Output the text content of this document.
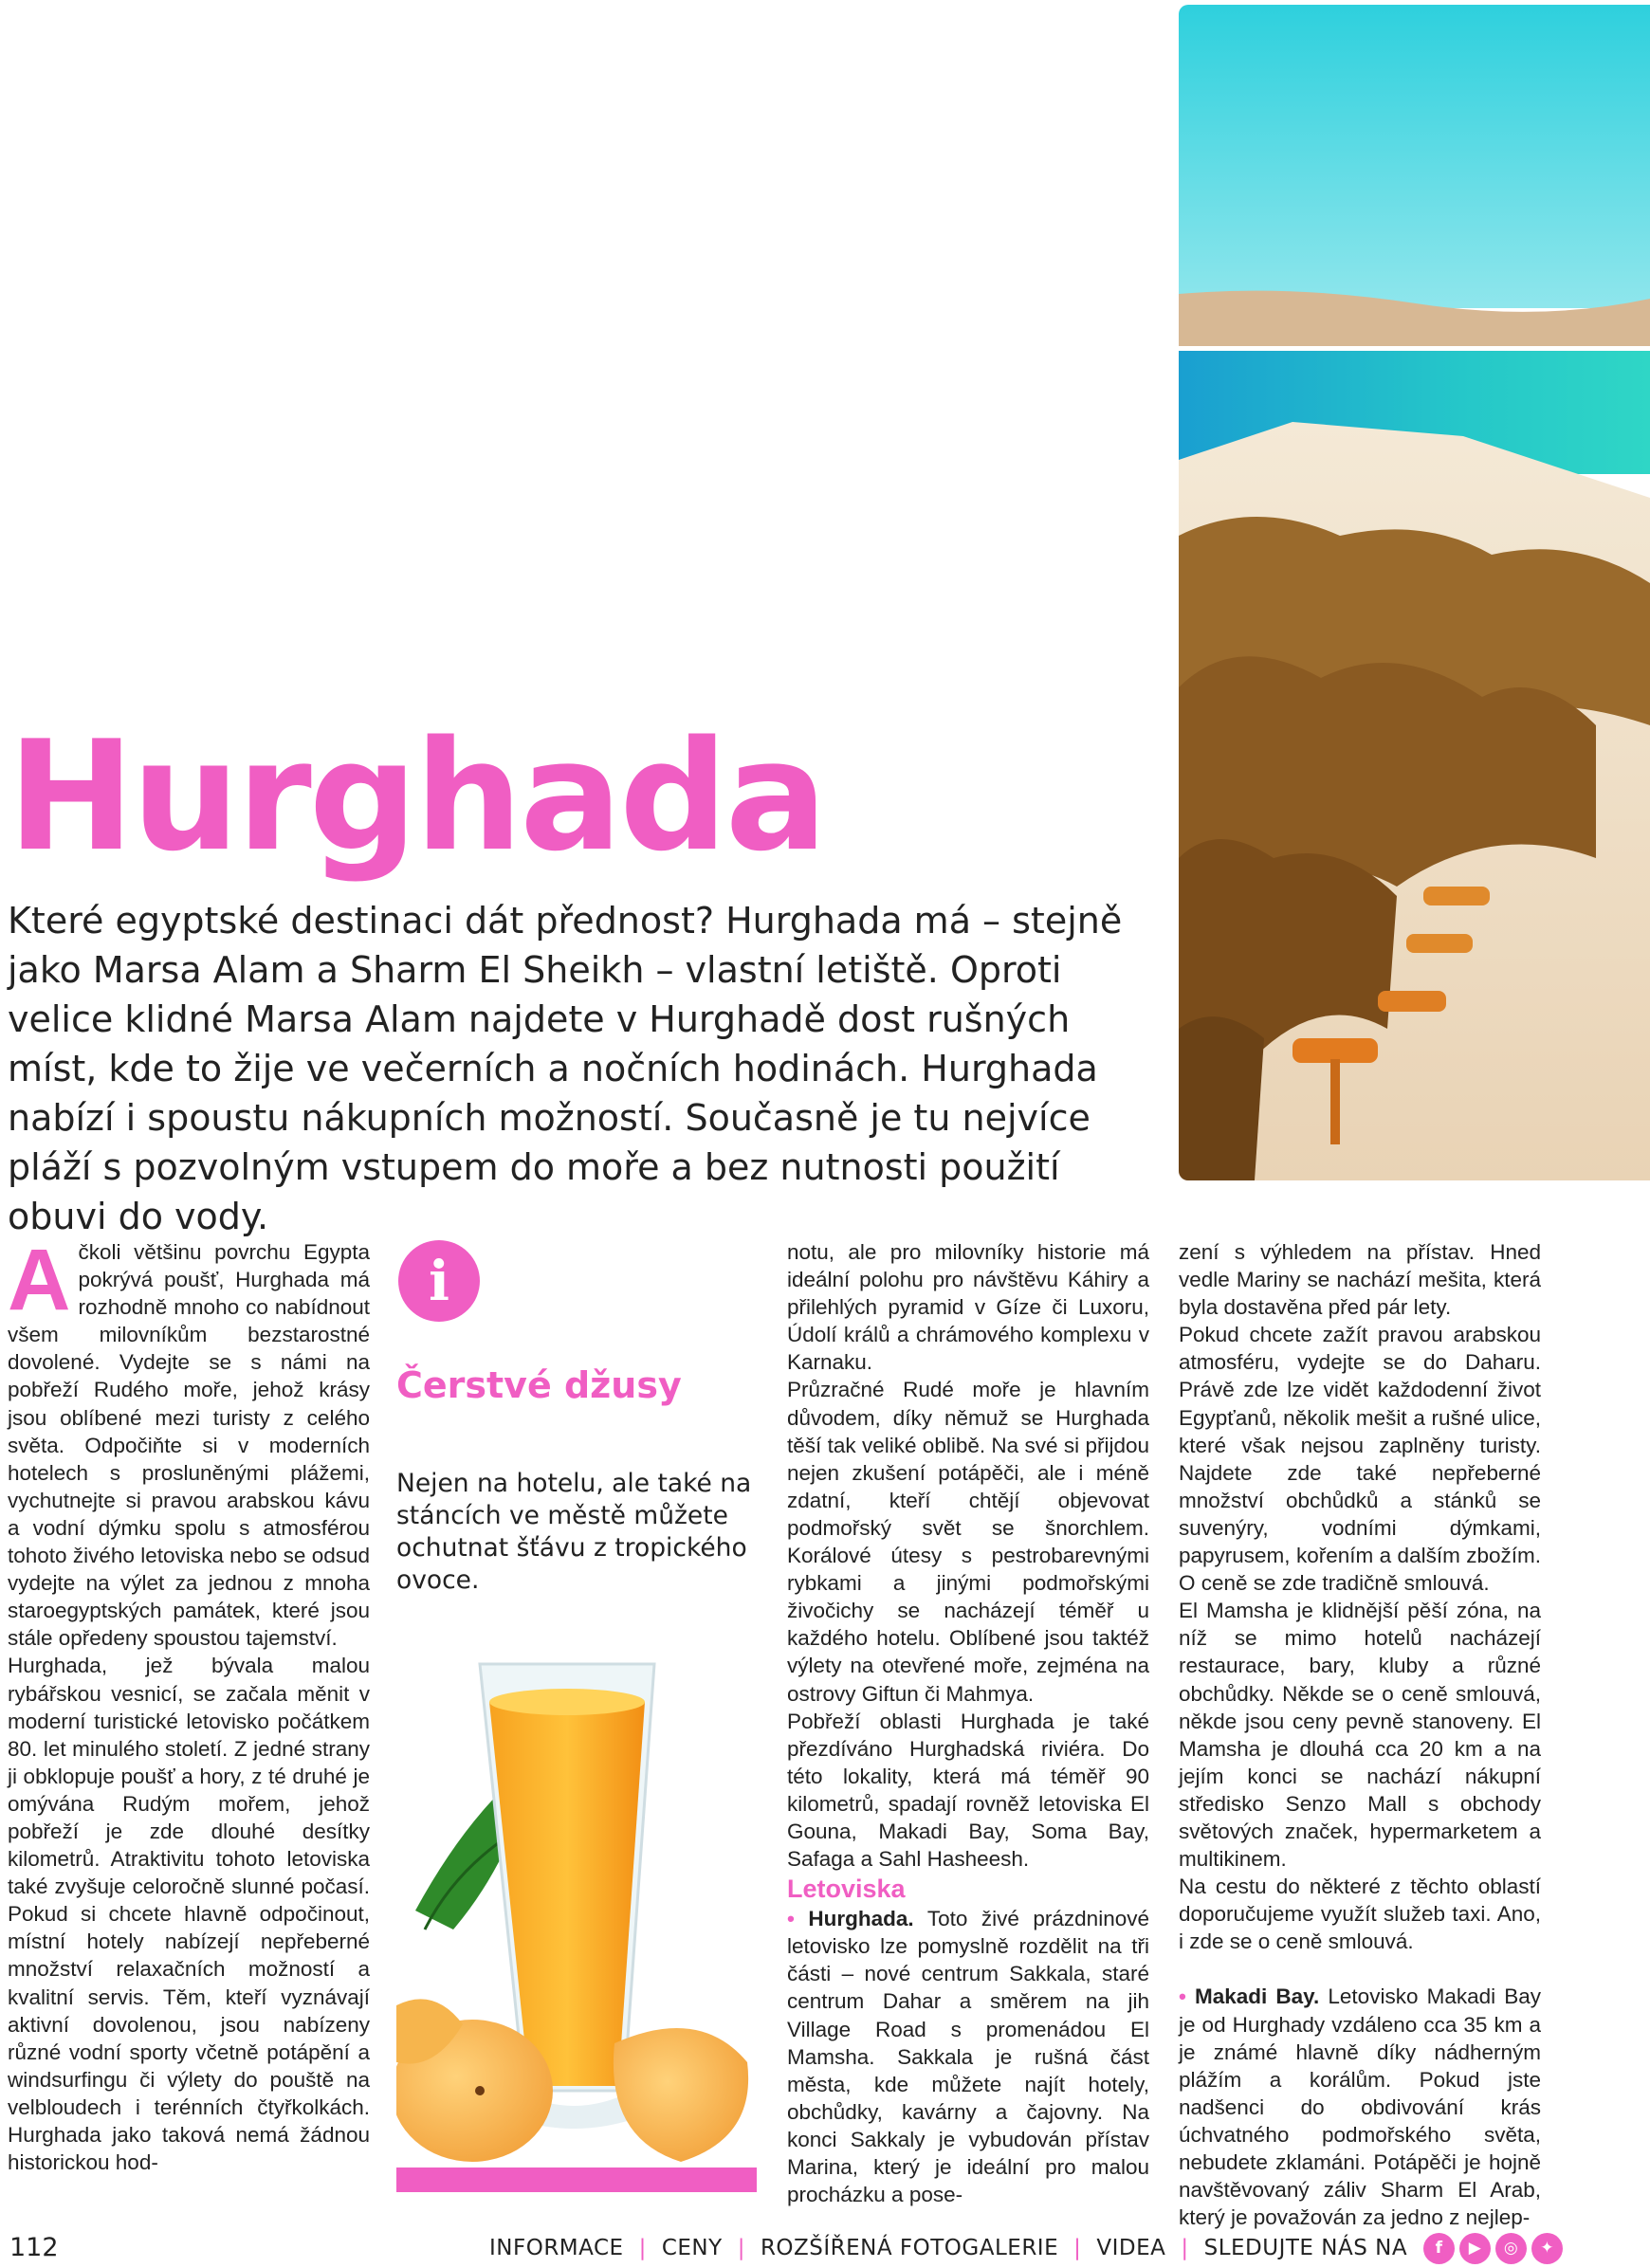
Hurghada

Které egyptské destinaci dát přednost? Hurghada má – stejně jako Marsa Alam a Sharm El Sheikh – vlastní letiště. Oproti velice klidné Marsa Alam najdete v Hurghadě dost rušných míst, kde to žije ve večerních a nočních hodinách. Hurghada nabízí i spoustu nákupních možností. Současně je tu nejvíce pláží s pozvolným vstupem do moře a bez nutnosti použití obuvi do vody.

A čkoli většinu povrchu Egypta pokrývá poušť, Hurghada má rozhodně mnoho co nabídnout všem milovníkům bezstarostné dovolené. Vydejte se s námi na pobřeží Rudého moře, jehož krásy jsou oblíbené mezi turisty z celého světa. Odpočiňte si v moderních hotelech s prosluněnými plážemi, vychutnejte si pravou arabskou kávu a vodní dýmku spolu s atmosférou tohoto živého letoviska nebo se odsud vydejte na výlet za jednou z mnoha staroegyptských památek, které jsou stále opředeny spoustou tajemství.

Hurghada, jež bývala malou rybářskou vesnicí, se začala měnit v moderní turistické letovisko počátkem 80. let minulého století. Z jedné strany ji obklopuje poušť a hory, z té druhé je omývána Rudým mořem, jehož pobřeží je zde dlouhé desítky kilometrů. Atraktivitu tohoto letoviska také zvyšuje celoročně slunné počasí. Pokud si chcete hlavně odpočinout, místní hotely nabízejí nepřeberné množství relaxačních možností a kvalitní servis. Těm, kteří vyznávají aktivní dovolenou, jsou nabízeny různé vodní sporty včetně potápění a windsurfingu či výlety do pouště na velbloudech i terénních čtyřkolkách. Hurghada jako taková nemá žádnou historickou hod-

i
Čerstvé džusy

Nejen na hotelu, ale také na stáncích ve městě můžete ochutnat šťávu z tropického ovoce.

notu, ale pro milovníky historie má ideální polohu pro návštěvu Káhiry a přilehlých pyramid v Gíze či Luxoru, Údolí králů a chrámového komplexu v Karnaku.

Průzračné Rudé moře je hlavním důvodem, díky němuž se Hurghada těší tak veliké oblibě. Na své si přijdou nejen zkušení potápěči, ale i méně zdatní, kteří chtějí objevovat podmořský svět se šnorchlem. Korálové útesy s pestrobarevnými rybkami a jinými podmořskými živočichy se nacházejí téměř u každého hotelu. Oblíbené jsou taktéž výlety na otevřené moře, zejména na ostrovy Giftun či Mahmya.

Pobřeží oblasti Hurghada je také přezdíváno Hurghadská riviéra. Do této lokality, která má téměř 90 kilometrů, spadají rovněž letoviska El Gouna, Makadi Bay, Soma Bay, Safaga a Sahl Hasheesh.

Letoviska

• Hurghada. Toto živé prázdninové letovisko lze pomyslně rozdělit na tři části – nové centrum Sakkala, staré centrum Dahar a směrem na jih Village Road s promenádou El Mamsha. Sakkala je rušná část města, kde můžete najít hotely, obchůdky, kavárny a čajovny. Na konci Sakkaly je vybudován přístav Marina, který je ideální pro malou procházku a pose-

zení s výhledem na přístav. Hned vedle Mariny se nachází mešita, která byla dostavěna před pár lety.

Pokud chcete zažít pravou arabskou atmosféru, vydejte se do Daharu. Právě zde lze vidět každodenní život Egypťanů, několik mešit a rušné ulice, které však nejsou zaplněny turisty. Najdete zde také nepřeberné množství obchůdků a stánků se suvenýry, vodními dýmkami, papyrusem, kořením a dalším zbožím. O ceně se zde tradičně smlouvá.

El Mamsha je klidnější pěší zóna, na níž se mimo hotelů nacházejí restaurace, bary, kluby a různé obchůdky. Někde se o ceně smlouvá, někde jsou ceny pevně stanoveny. El Mamsha je dlouhá cca 20 km a na jejím konci se nachází nákupní středisko Senzo Mall s obchody světových značek, hypermarketem a multikinem.

Na cestu do některé z těchto oblastí doporučujeme využít služeb taxi. Ano, i zde se o ceně smlouvá.

• Makadi Bay. Letovisko Makadi Bay je od Hurghady vzdáleno cca 35 km a je známé hlavně díky nádherným plážím a korálům. Pokud jste nadšenci do obdivování krás úchvatného podmořského světa, nebudete zklamáni. Potápěči je hojně navštěvovaný záliv Sharm El Arab, který je považován za jedno z nejlep-

112	INFORMACE | CENY | ROZŠÍŘENÁ FOTOGALERIE | VIDEA | SLEDUJTE NÁS NA	f	▶	◎	✦
